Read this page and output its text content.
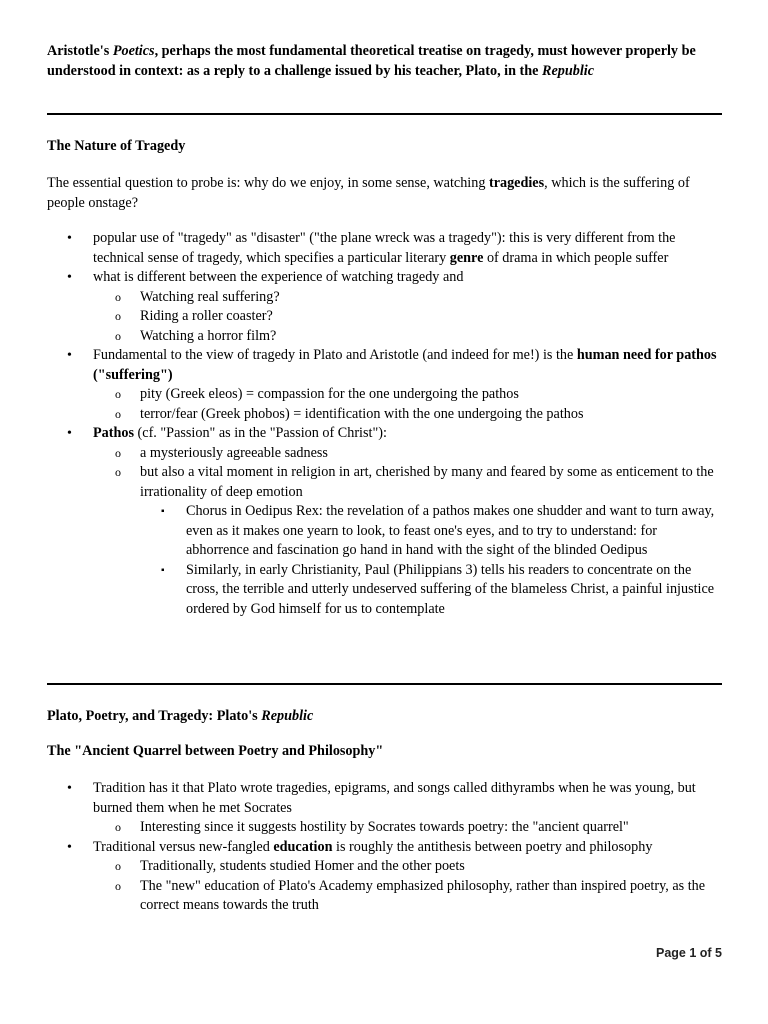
Aristotle's Poetics, perhaps the most fundamental theoretical treatise on tragedy, must however properly be understood in context: as a reply to a challenge issued by his teacher, Plato, in the Republic
The Nature of Tragedy
The essential question to probe is: why do we enjoy, in some sense, watching tragedies, which is the suffering of people onstage?
• popular use of "tragedy" as "disaster" ("the plane wreck was a tragedy"): this is very different from the technical sense of tragedy, which specifies a particular literary genre of drama in which people suffer
• what is different between the experience of watching tragedy and
o Watching real suffering?
o Riding a roller coaster?
o Watching a horror film?
• Fundamental to the view of tragedy in Plato and Aristotle (and indeed for me!) is the human need for pathos ("suffering")
o pity (Greek eleos) = compassion for the one undergoing the pathos
o terror/fear (Greek phobos) = identification with the one undergoing the pathos
• Pathos (cf. "Passion" as in the "Passion of Christ"):
o a mysteriously agreeable sadness
o but also a vital moment in religion in art, cherished by many and feared by some as enticement to the irrationality of deep emotion
▪ Chorus in Oedipus Rex: the revelation of a pathos makes one shudder and want to turn away, even as it makes one yearn to look, to feast one's eyes, and to try to understand: for abhorrence and fascination go hand in hand with the sight of the blinded Oedipus
▪ Similarly, in early Christianity, Paul (Philippians 3) tells his readers to concentrate on the cross, the terrible and utterly undeserved suffering of the blameless Christ, a painful injustice ordered by God himself for us to contemplate
Plato, Poetry, and Tragedy: Plato's Republic
The "Ancient Quarrel between Poetry and Philosophy"
• Tradition has it that Plato wrote tragedies, epigrams, and songs called dithyrambs when he was young, but burned them when he met Socrates
o Interesting since it suggests hostility by Socrates towards poetry: the "ancient quarrel"
• Traditional versus new-fangled education is roughly the antithesis between poetry and philosophy
o Traditionally, students studied Homer and the other poets
o The "new" education of Plato's Academy emphasized philosophy, rather than inspired poetry, as the correct means towards the truth
Page 1 of 5
